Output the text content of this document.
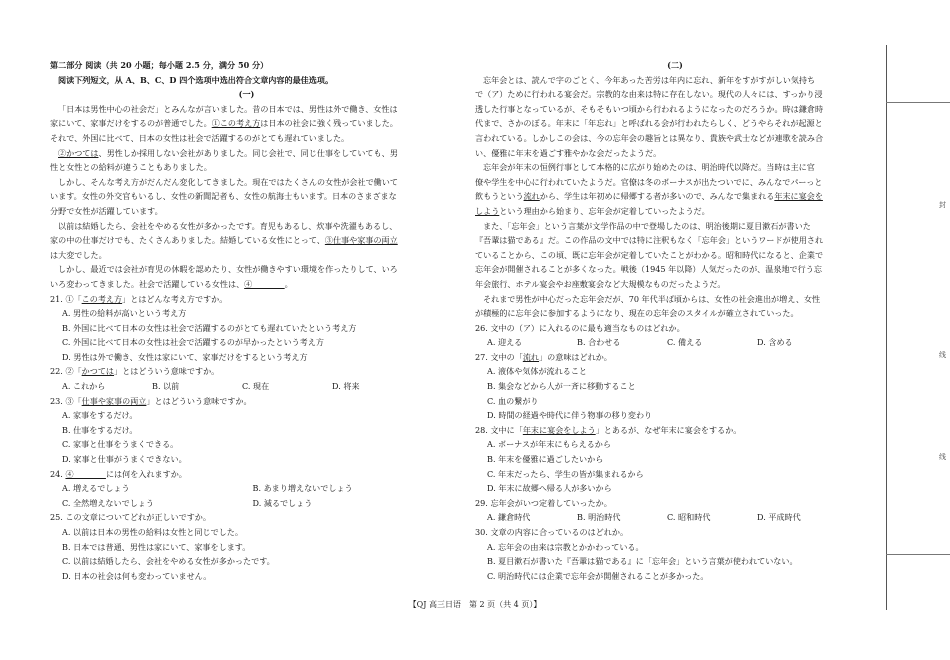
第二部分 阅读（共 20 小题；每小题 2.5 分，满分 50 分）
阅读下列短文，从 A、B、C、D 四个选项中选出符合文章内容的最佳选项。
(一)
「日本は男性中心の社会だ」とみんなが言いました。昔の日本では、男性は外で働き、女性は
家にいて、家事だけをするのが普通でした。①この考え方は日本の社会に強く残っていました。
それで、外国に比べて、日本の女性は社会で活躍するのがとても遅れていました。
②かつては、男性しか採用しない会社がありました。同じ会社で、同じ仕事をしていても、男
性と女性との給料が違うこともありました。
しかし、そんな考え方がだんだん変化してきました。現在ではたくさんの女性が会社で働いて
います。女性の外交官もいるし、女性の新聞記者も、女性の航海士もいます。日本のさまざまな
分野で女性が活躍しています。
以前は結婚したら、会社をやめる女性が多かったです。育児もあるし、炊事や洗濯もあるし、
家の中の仕事だけでも、たくさんありました。結婚している女性にとって、③仕事や家事の両立
は大変でした。
しかし、最近では会社が育児の休暇を認めたり、女性が働きやすい環境を作ったりして、いろ
いろ変わってきました。社会で活躍している女性は、④　　　　。
21. ①「この考え方」とはどんな考え方ですか。
A. 男性の給料が高いという考え方
B. 外国に比べて日本の女性は社会で活躍するのがとても遅れていたという考え方
C. 外国に比べて日本の女性は社会で活躍するのが早かったという考え方
D. 男性は外で働き、女性は家にいて、家事だけをするという考え方
22. ②「かつては」とはどういう意味ですか。
A. これから	B. 以前	C. 現在	D. 将来
23. ③「仕事や家事の両立」とはどういう意味ですか。
A. 家事をするだけ。
B. 仕事をするだけ。
C. 家事と仕事をうまくできる。
D. 家事と仕事がうまくできない。
24. ④　　　　には何を入れますか。
A. 増えるでしょう	B. あまり増えないでしょう
C. 全然増えないでしょう	D. 減るでしょう
25. この文章についてどれが正しいですか。
A. 以前は日本の男性の給料は女性と同じでした。
B. 日本では普通、男性は家にいて、家事をします。
C. 以前は結婚したら、会社をやめる女性が多かったです。
D. 日本の社会は何も変わっていません。
(二)
忘年会とは、読んで字のごとく、今年あった苦労は年内に忘れ、新年をすがすがしい気持ち
で（ア）ために行われる宴会だ。宗教的な由来は特に存在しない。現代の人々には、すっかり浸
透した行事となっているが、そもそもいつ頃から行われるようになったのだろうか。時は鎌倉時
代まで、さかのぼる。年末に「年忘れ」と呼ばれる会が行われたらしく、どうやらそれが起源と
言われている。しかしこの会は、今の忘年会の趣旨とは異なり、貴族や武士などが連歌を読み合
い、優雅に年末を過ごす雅やかな会だったようだ。
忘年会が年末の恒例行事として本格的に広がり始めたのは、明治時代以降だ。当時は主に官
僚や学生を中心に行われていたようだ。官僚は冬のボーナスが出たついでに、みんなでパーっと
飲もうという流れから、学生は年初めに帰郷する者が多いので、みんなで集まれる年末に宴会を
しようという理由から始まり、忘年会が定着していったようだ。
また、「忘年会」という言葉が文学作品の中で登場したのは、明治後期に夏目漱石が書いた
『吾輩は猫である』だ。この作品の文中では特に注釈もなく「忘年会」というワードが使用され
ていることから、この頃、既に忘年会が定着していたことがわかる。昭和時代になると、企業で
忘年会が開催されることが多くなった。戦後（1945 年以降）人気だったのが、温泉地で行う忘
年会旅行、ホテル宴会やお座敷宴会など大規模なものだったようだ。
それまで男性が中心だった忘年会だが、70 年代半ば頃からは、女性の社会進出が増え、女性
が積極的に忘年会に参加するようになり、現在の忘年会のスタイルが確立されていった。
26. 文中の（ア）に入れるのに最も適当なものはどれか。
A. 迎える	B. 合わせる	C. 備える	D. 含める
27. 文中の「流れ」の意味はどれか。
A. 液体や気体が流れること
B. 集会などから人が一斉に移動すること
C. 血の繋がり
D. 時間の経過や時代に伴う物事の移り変わり
28. 文中に「年末に宴会をしよう」とあるが、なぜ年末に宴会をするか。
A. ボーナスが年末にもらえるから
B. 年末を優雅に過ごしたいから
C. 年末だったら、学生の皆が集まれるから
D. 年末に故郷へ帰る人が多いから
29. 忘年会がいつ定着していったか。
A. 鎌倉時代	B. 明治時代	C. 昭和時代	D. 平成時代
30. 文章の内容に合っているのはどれか。
A. 忘年会の由来は宗教とかかわっている。
B. 夏目漱石が書いた『吾輩は猫である』に「忘年会」という言葉が使われていない。
C. 明治時代には企業で忘年会が開催されることが多かった。
【QJ 高三日语　第 2 页（共 4 页）】
封
线
线
